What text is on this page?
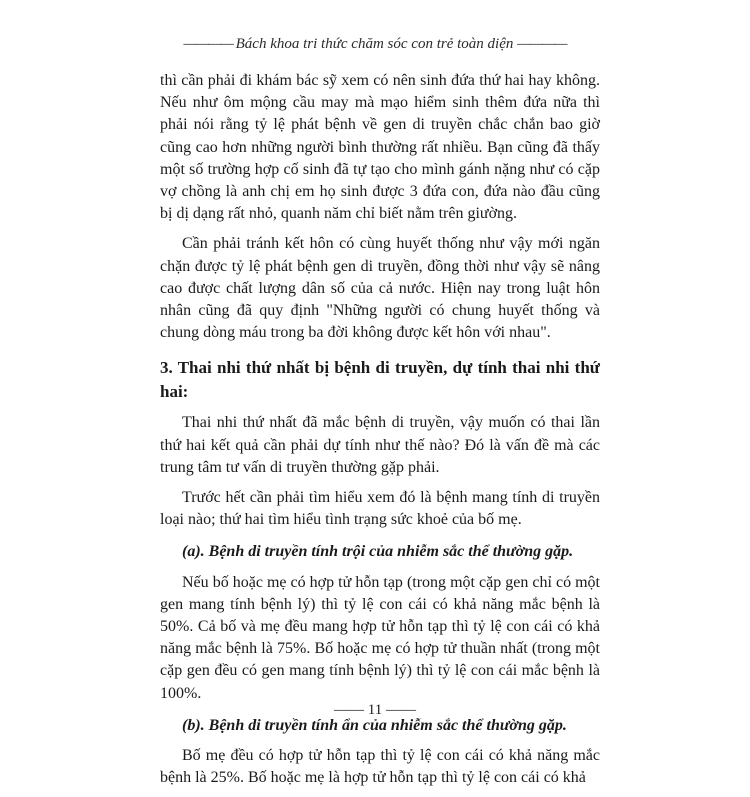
———— Bách khoa tri thức chăm sóc con trẻ toàn diện ————

thì cần phải đi khám bác sỹ xem có nên sinh đứa thứ hai hay không. Nếu như ôm mộng cầu may mà mạo hiểm sinh thêm đứa nữa thì phải nói rằng tỷ lệ phát bệnh về gen di truyền chắc chắn bao giờ cũng cao hơn những người bình thường rất nhiều. Bạn cũng đã thấy một số trường hợp cố sinh đã tự tạo cho mình gánh nặng như có cặp vợ chồng là anh chị em họ sinh được 3 đứa con, đứa nào đầu cũng bị dị dạng rất nhỏ, quanh năm chỉ biết nằm trên giường.

Cần phải tránh kết hôn có cùng huyết thống như vậy mới ngăn chặn được tỷ lệ phát bệnh gen di truyền, đồng thời như vậy sẽ nâng cao được chất lượng dân số của cả nước. Hiện nay trong luật hôn nhân cũng đã quy định "Những người có chung huyết thống và chung dòng máu trong ba đời không được kết hôn với nhau".

3. Thai nhi thứ nhất bị bệnh di truyền, dự tính thai nhi thứ hai:

Thai nhi thứ nhất đã mắc bệnh di truyền, vậy muốn có thai lần thứ hai kết quả cần phải dự tính như thế nào? Đó là vấn đề mà các trung tâm tư vấn di truyền thường gặp phải.

Trước hết cần phải tìm hiểu xem đó là bệnh mang tính di truyền loại nào; thứ hai tìm hiểu tình trạng sức khoẻ của bố mẹ.

(a). Bệnh di truyền tính trội của nhiễm sắc thể thường gặp.

Nếu bố hoặc mẹ có hợp tử hỗn tạp (trong một cặp gen chỉ có một gen mang tính bệnh lý) thì tỷ lệ con cái có khả năng mắc bệnh là 50%. Cả bố và mẹ đều mang hợp tử hỗn tạp thì tỷ lệ con cái có khả năng mắc bệnh là 75%. Bố hoặc mẹ có hợp tử thuần nhất (trong một cặp gen đều có gen mang tính bệnh lý) thì tỷ lệ con cái mắc bệnh là 100%.

(b). Bệnh di truyền tính ẩn của nhiễm sắc thể thường gặp.

Bố mẹ đều có hợp tử hỗn tạp thì tỷ lệ con cái có khả năng mắc bệnh là 25%. Bố hoặc mẹ là hợp tử hỗn tạp thì tỷ lệ con cái có khả

—— 11 ——
